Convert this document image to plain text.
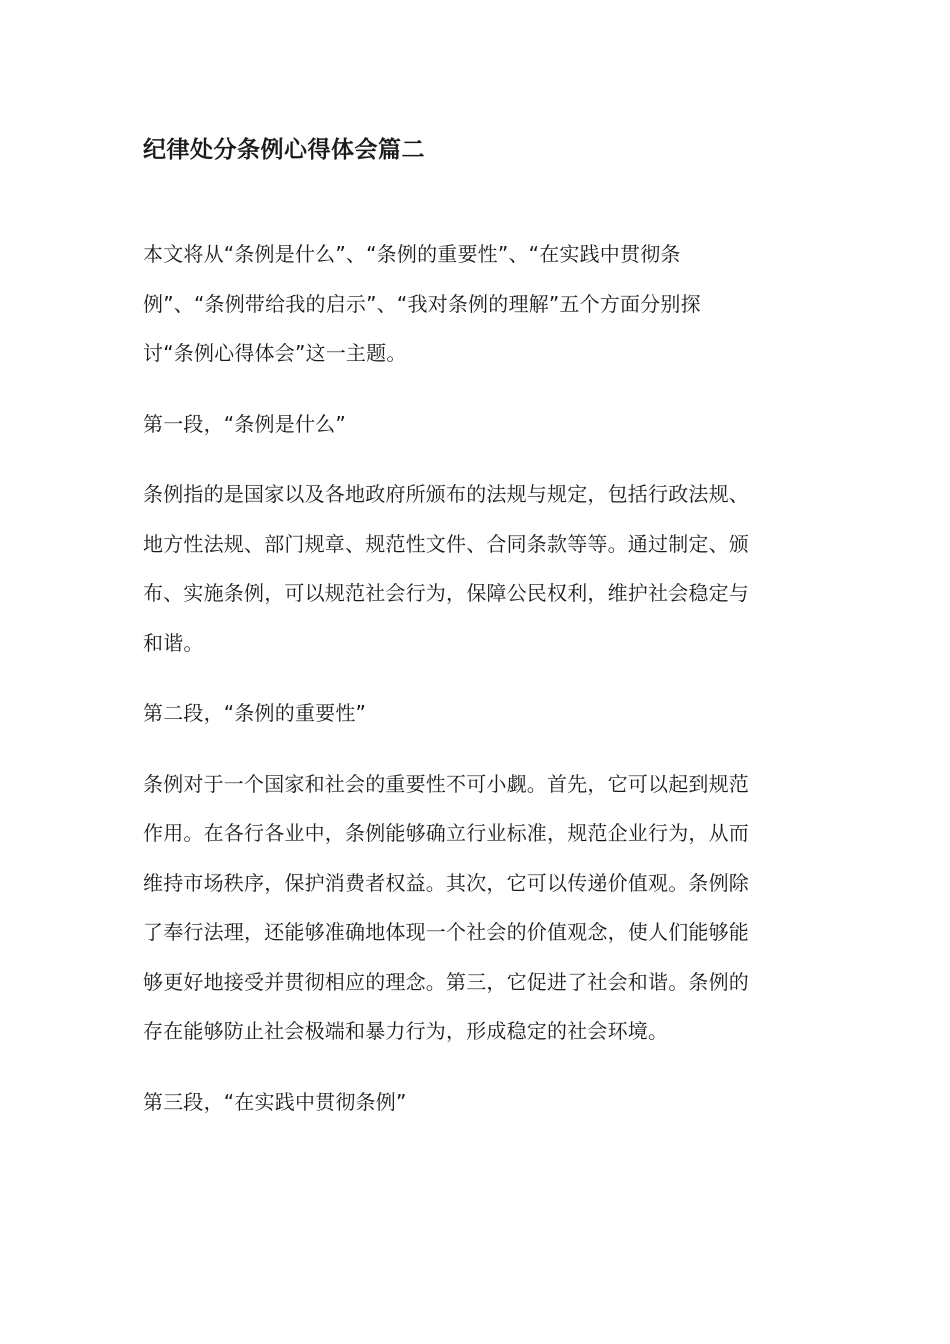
纪律处分条例心得体会篇二

本文将从“条例是什么”、“条例的重要性”、“在实践中贯彻条
例”、“条例带给我的启示”、“我对条例的理解”五个方面分别探
讨“条例心得体会”这一主题。

第一段，“条例是什么”

条例指的是国家以及各地政府所颁布的法规与规定，包括行政法规、
地方性法规、部门规章、规范性文件、合同条款等等。通过制定、颁
布、实施条例，可以规范社会行为，保障公民权利，维护社会稳定与
和谐。

第二段，“条例的重要性”

条例对于一个国家和社会的重要性不可小觑。首先，它可以起到规范
作用。在各行各业中，条例能够确立行业标准，规范企业行为，从而
维持市场秩序，保护消费者权益。其次，它可以传递价值观。条例除
了奉行法理，还能够准确地体现一个社会的价值观念，使人们能够能
够更好地接受并贯彻相应的理念。第三，它促进了社会和谐。条例的
存在能够防止社会极端和暴力行为，形成稳定的社会环境。

第三段，“在实践中贯彻条例”
